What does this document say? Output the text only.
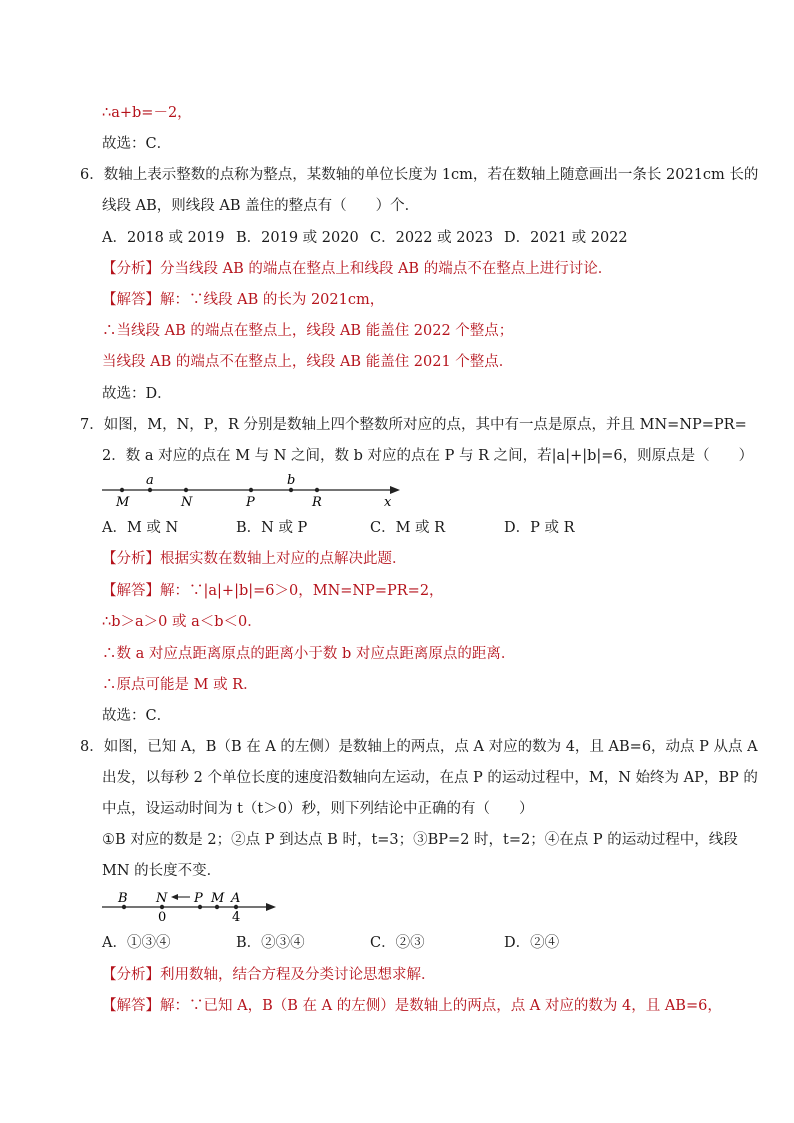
∴a+b=－2，
故选：C．
6．数轴上表示整数的点称为整点，某数轴的单位长度为 1cm，若在数轴上随意画出一条长 2021cm 长的
线段 AB，则线段 AB 盖住的整点有（　　）个．
A．2018 或 2019 B．2019 或 2020 C．2022 或 2023 D．2021 或 2022
【分析】分当线段 AB 的端点在整点上和线段 AB 的端点不在整点上进行讨论．
【解答】解：∵线段 AB 的长为 2021cm，
∴当线段 AB 的端点在整点上，线段 AB 能盖住 2022 个整点；
当线段 AB 的端点不在整点上，线段 AB 能盖住 2021 个整点．
故选：D．
7．如图，M，N，P，R 分别是数轴上四个整数所对应的点，其中有一点是原点，并且 MN=NP=PR=
2．数 a 对应的点在 M 与 N 之间，数 b 对应的点在 P 与 R 之间，若|a|+|b|=6，则原点是（　　）
M
a
N	P
b
R	x
A．M 或 N	B．N 或 P	C．M 或 R	D．P 或 R
【分析】根据实数在数轴上对应的点解决此题．
【解答】解：∵|a|+|b|=6＞0，MN=NP=PR=2，
∴b＞a＞0 或 a＜b＜0．
∴数 a 对应点距离原点的距离小于数 b 对应点距离原点的距离．
∴原点可能是 M 或 R．
故选：C．
8．如图，已知 A，B（B 在 A 的左侧）是数轴上的两点，点 A 对应的数为 4，且 AB=6，动点 P 从点 A
出发，以每秒 2 个单位长度的速度沿数轴向左运动，在点 P 的运动过程中，M，N 始终为 AP，BP 的
中点，设运动时间为 t（t＞0）秒，则下列结论中正确的有（　　）
①B 对应的数是 2；②点 P 到达点 B 时，t=3；③BP=2 时，t=2；④在点 P 的运动过程中，线段
MN 的长度不变．
B N P M A
0	4
A．①③④	B．②③④	C．②③	D．②④
【分析】利用数轴，结合方程及分类讨论思想求解．
【解答】解：∵已知 A，B（B 在 A 的左侧）是数轴上的两点，点 A 对应的数为 4，且 AB=6，
